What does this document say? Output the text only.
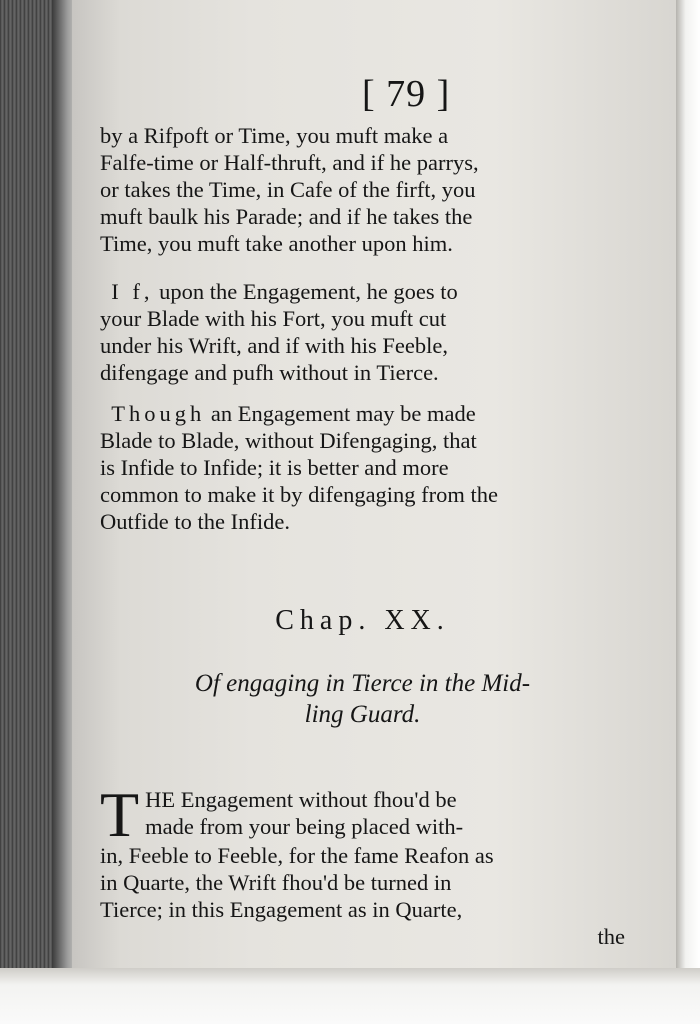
[ 79 ]

by a Rifpoft or Time, you muft make a
Falfe-time or Half-thruft, and if he parrys,
or takes the Time, in Cafe of the firft, you
muft baulk his Parade; and if he takes the
Time, you muft take another upon him.

I f, upon the Engagement, he goes to
your Blade with his Fort, you muft cut
under his Wrift, and if with his Feeble,
difengage and pufh without in Tierce.

Though an Engagement may be made
Blade to Blade, without Difengaging, that
is Infide to Infide; it is better and more
common to make it by difengaging from the
Outfide to the Infide.

Chap. XX.
Of engaging in Tierce in the Mid-
ling Guard.

T HE Engagement without fhou'd be
made from your being placed with-
in, Feeble to Feeble, for the fame Reafon as
in Quarte, the Wrift fhou'd be turned in
Tierce; in this Engagement as in Quarte,
the
